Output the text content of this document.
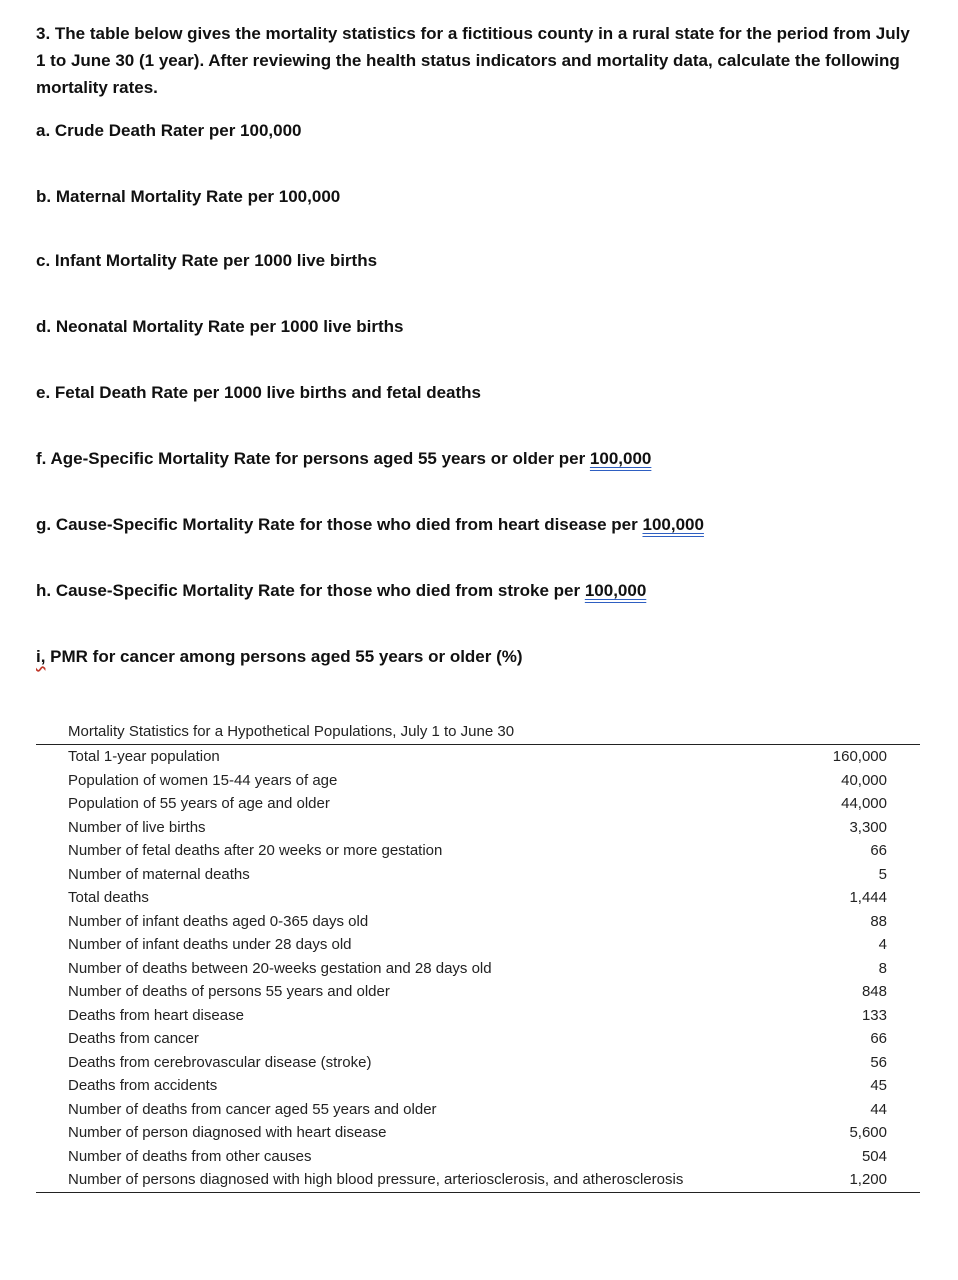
3. The table below gives the mortality statistics for a fictitious county in a rural state for the period from July 1 to June 30 (1 year). After reviewing the health status indicators and mortality data, calculate the following mortality rates.

a. Crude Death Rater per 100,000

b. Maternal Mortality Rate per 100,000

c. Infant Mortality Rate per 1000 live births

d. Neonatal Mortality Rate per 1000 live births

e. Fetal Death Rate per 1000 live births and fetal deaths

f. Age-Specific Mortality Rate for persons aged 55 years or older per 100,000

g. Cause-Specific Mortality Rate for those who died from heart disease per 100,000

h. Cause-Specific Mortality Rate for those who died from stroke per 100,000

i, PMR for cancer among persons aged 55 years or older (%)

Mortality Statistics for a Hypothetical Populations, July 1 to June 30
Total 1-year population	160,000
Population of women 15-44 years of age	40,000
Population of 55 years of age and older	44,000
Number of live births	3,300
Number of fetal deaths after 20 weeks or more gestation	66
Number of maternal deaths	5
Total deaths	1,444
Number of infant deaths aged 0-365 days old	88
Number of infant deaths under 28 days old	4
Number of deaths between 20-weeks gestation and 28 days old	8
Number of deaths of persons 55 years and older	848
Deaths from heart disease	133
Deaths from cancer	66
Deaths from cerebrovascular disease (stroke)	56
Deaths from accidents	45
Number of deaths from cancer aged 55 years and older	44
Number of person diagnosed with heart disease	5,600
Number of deaths from other causes	504
Number of persons diagnosed with high blood pressure, arteriosclerosis, and atherosclerosis	1,200
